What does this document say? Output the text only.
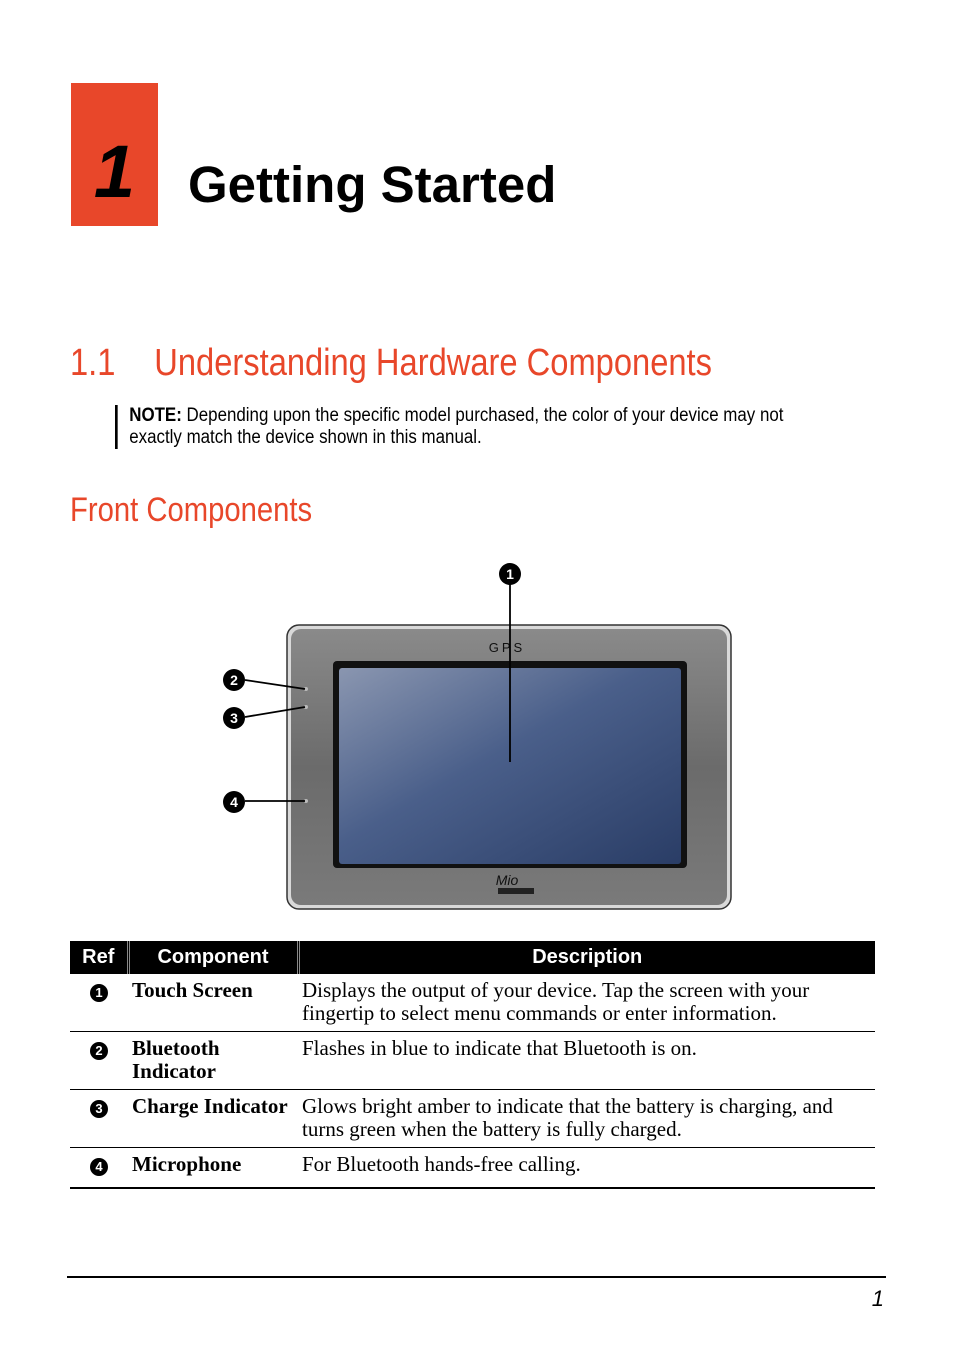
1	Getting Started
1.1 Understanding Hardware Components
NOTE: Depending upon the specific model purchased, the color of your device may not exactly match the device shown in this manual.
Front Components
GPS
Mio
1
2
3
4
Ref	Component	Description
1	Touch Screen	Displays the output of your device. Tap the screen with your fingertip to select menu commands or enter information.
2	Bluetooth Indicator	Flashes in blue to indicate that Bluetooth is on.
3	Charge Indicator	Glows bright amber to indicate that the battery is charging, and turns green when the battery is fully charged.
4	Microphone	For Bluetooth hands-free calling.
1
